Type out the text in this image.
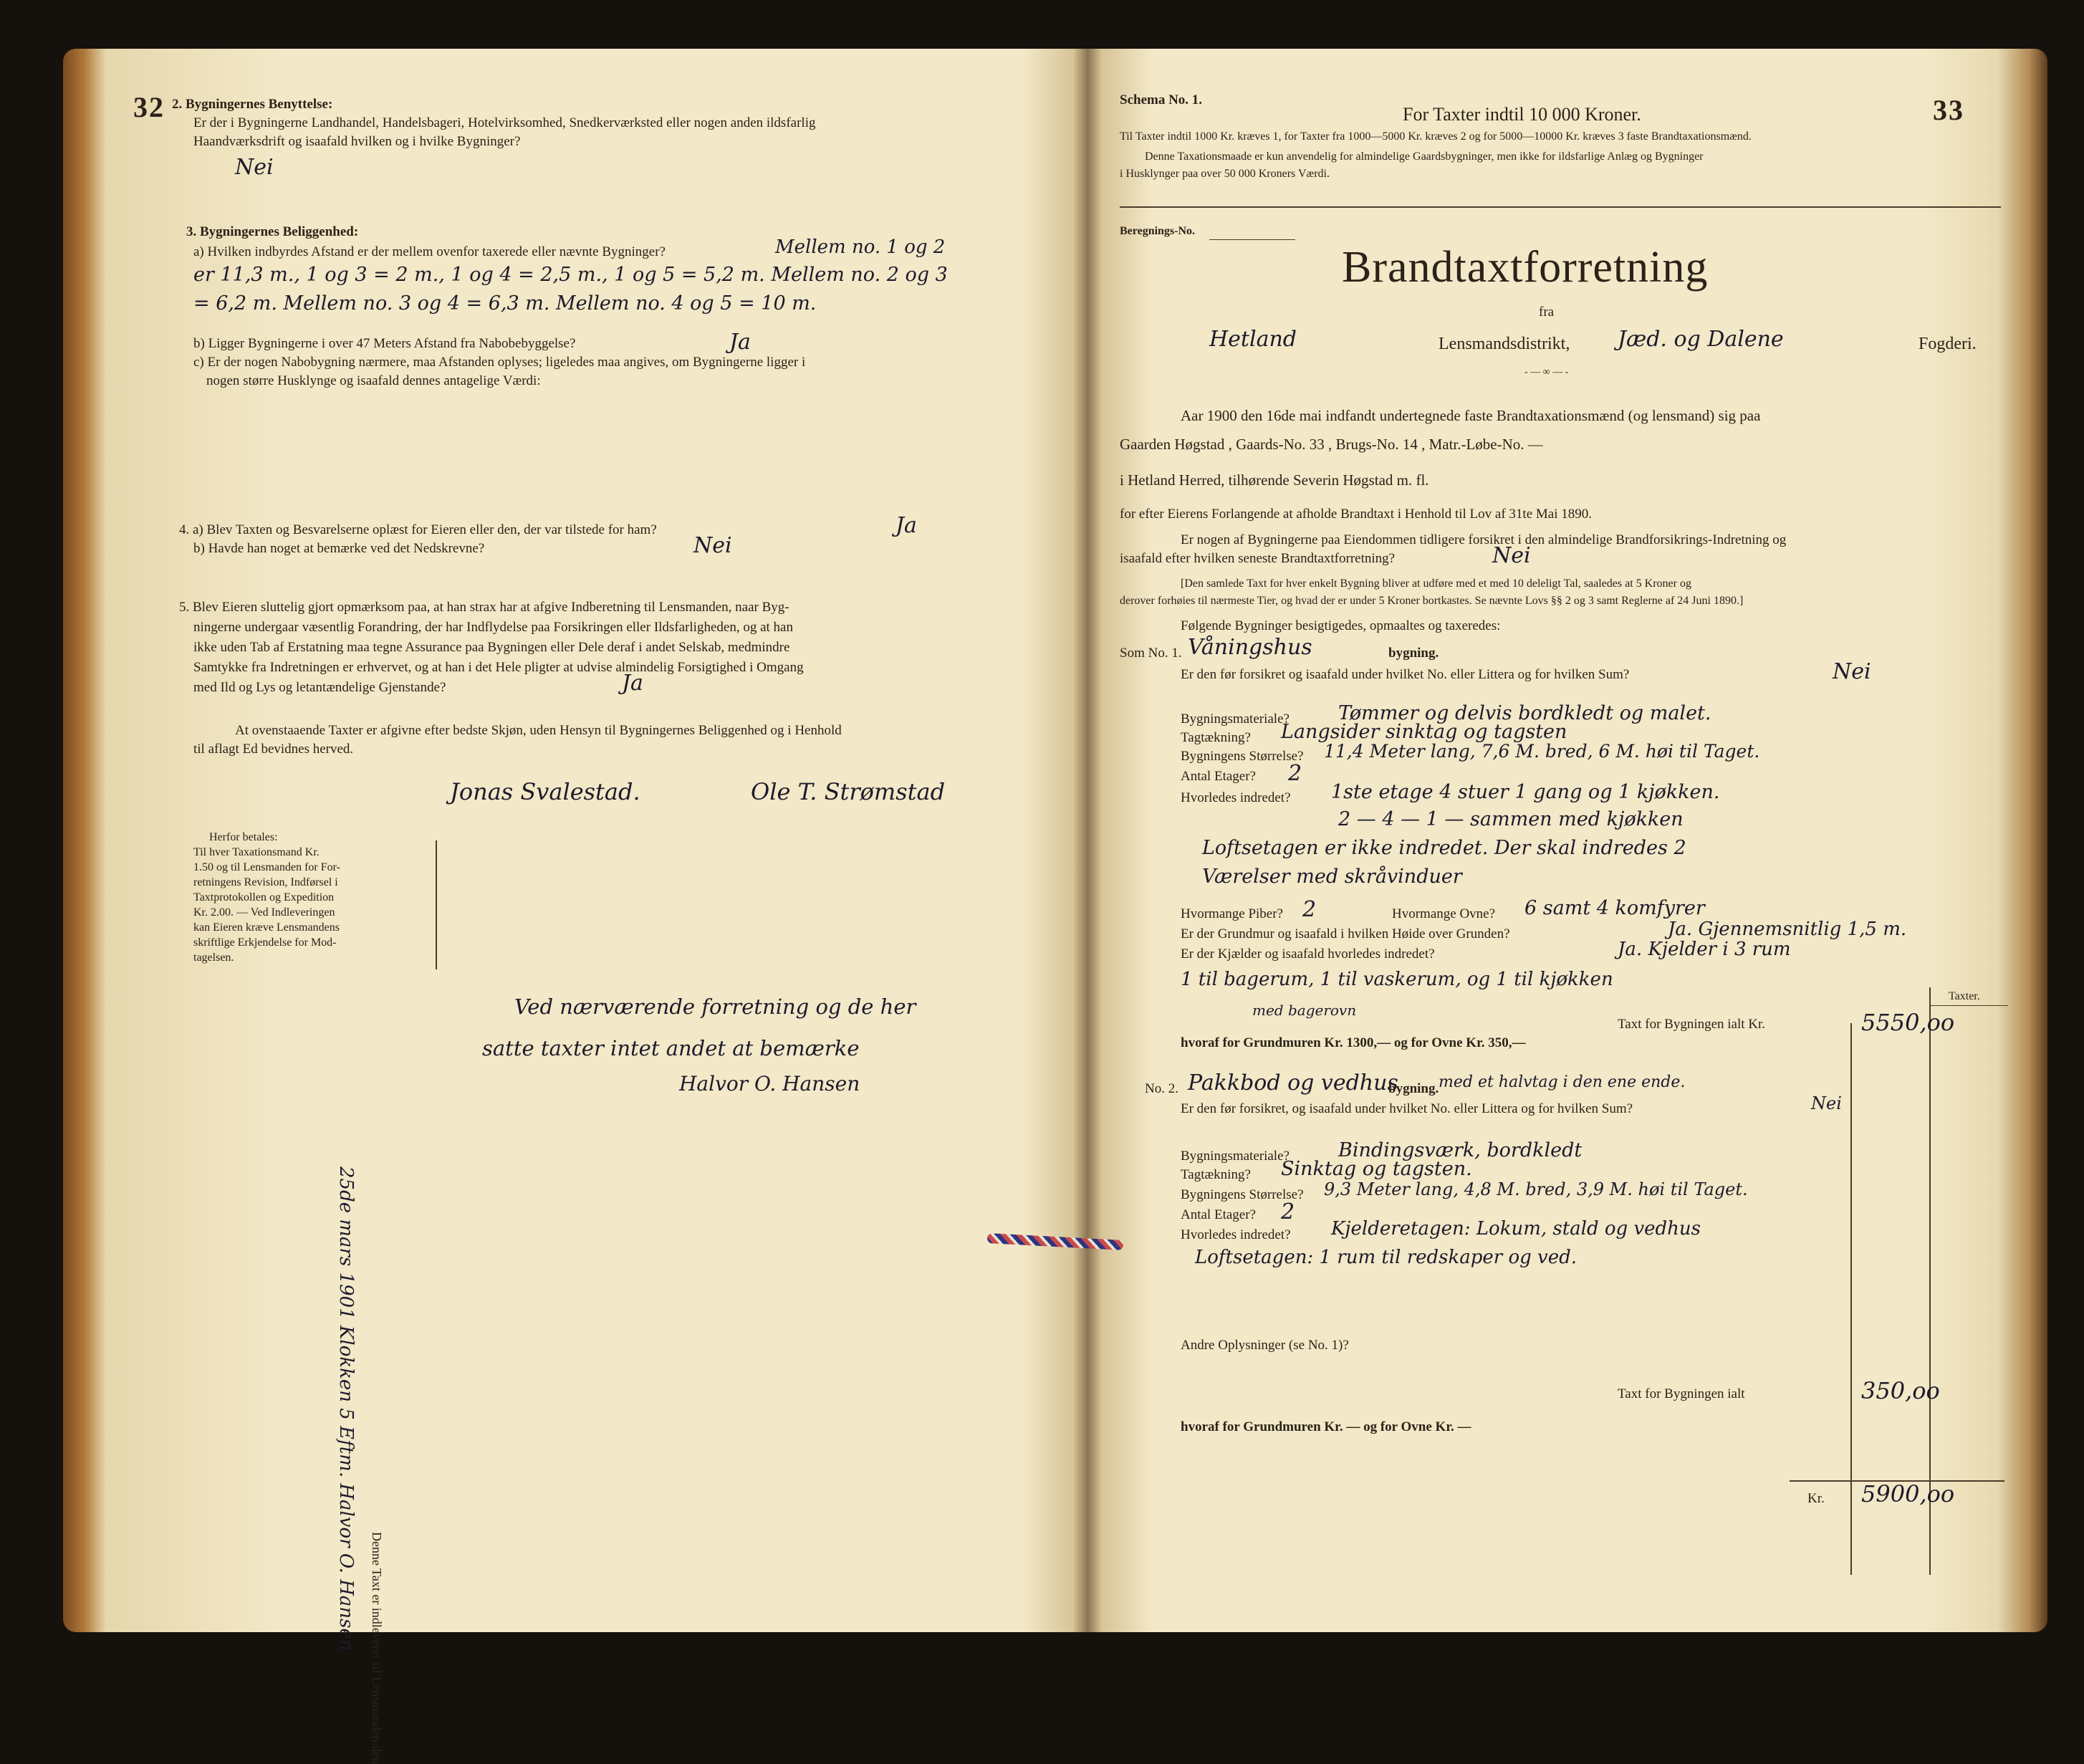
32 2. Bygningernes Benyttelse:
Er der i Bygningerne Landhandel, Handelsbageri, Hotelvirksomhed, Snedkerværksted eller nogen anden ildsfarlig
Haandværksdrift og isaafald hvilken og i hvilke Bygninger?
Nei
3. Bygningernes Beliggenhed:
a) Hvilken indbyrdes Afstand er der mellem ovenfor taxerede eller nævnte Bygninger?	Mellem no. 1 og 2
er 11,3 m., 1 og 3 = 2 m., 1 og 4 = 2,5 m., 1 og 5 = 5,2 m. Mellem no. 2 og 3
= 6,2 m. Mellem no. 3 og 4 = 6,3 m. Mellem no. 4 og 5 = 10 m.
b) Ligger Bygningerne i over 47 Meters Afstand fra Nabobebyggelse?	Ja
c) Er der nogen Nabobygning nærmere, maa Afstanden oplyses; ligeledes maa angives, om Bygningerne ligger i
nogen større Husklynge og isaafald dennes antagelige Værdi:
4. a) Blev Taxten og Besvarelserne oplæst for Eieren eller den, der var tilstede for ham?	Ja
b) Havde han noget at bemærke ved det Nedskrevne?	Nei
5. Blev Eieren sluttelig gjort opmærksom paa, at han strax har at afgive Indberetning til Lensmanden, naar Byg-
ningerne undergaar væsentlig Forandring, der har Indflydelse paa Forsikringen eller Ildsfarligheden, og at han
ikke uden Tab af Erstatning maa tegne Assurance paa Bygningen eller Dele deraf i andet Selskab, medmindre
Samtykke fra Indretningen er erhvervet, og at han i det Hele pligter at udvise almindelig Forsigtighed i Omgang
med Ild og Lys og letantændelige Gjenstande?	Ja
At ovenstaaende Taxter er afgivne efter bedste Skjøn, uden Hensyn til Bygningernes Beliggenhed og i Henhold
til aflagt Ed bevidnes herved.
Jonas Svalestad.	Ole T. Strømstad
Herfor betales:
Til hver Taxationsmand Kr.
1.50 og til Lensmanden for For-
retningens Revision, Indførsel i
Taxtprotokollen og Expedition
Kr. 2.00. — Ved Indleveringen
kan Eieren kræve Lensmandens
skriftlige Erkjendelse for Mod-
tagelsen.
Ved nærværende forretning og de her
satte taxter intet andet at bemærke
Halvor O. Hansen
Denne Taxt er indleveret til Lensmanden den
25de mars 1901 Klokken 5 Eftm. Halvor O. Hansen
Schema No. 1.
For Taxter indtil 10 000 Kroner.	33
Til Taxter indtil 1000 Kr. kræves 1, for Taxter fra 1000—5000 Kr. kræves 2 og for 5000—10000 Kr. kræves 3 faste Brandtaxationsmænd.
Denne Taxationsmaade er kun anvendelig for almindelige Gaardsbygninger, men ikke for ildsfarlige Anlæg og Bygninger
i Husklynger paa over 50 000 Kroners Værdi.
Beregnings-No.
Brandtaxtforretning
fra
Hetland	Lensmandsdistrikt, Jæd. og Dalene	Fogderi.
- — ∞ — -
Aar 1900 den 16de mai indfandt undertegnede faste Brandtaxationsmænd (og lensmand) sig paa
Gaarden Høgstad , Gaards-No. 33 , Brugs-No. 14 , Matr.-Løbe-No. —
i Hetland Herred, tilhørende Severin Høgstad m. fl.
for efter Eierens Forlangende at afholde Brandtaxt i Henhold til Lov af 31te Mai 1890.
Er nogen af Bygningerne paa Eiendommen tidligere forsikret i den almindelige Brandforsikrings-Indretning og
isaafald efter hvilken seneste Brandtaxtforretning?	Nei
[Den samlede Taxt for hver enkelt Bygning bliver at udføre med et med 10 deleligt Tal, saaledes at 5 Kroner og
derover forhøies til nærmeste Tier, og hvad der er under 5 Kroner bortkastes. Se nævnte Lovs §§ 2 og 3 samt Reglerne af 24 Juni 1890.]
Følgende Bygninger besigtigedes, opmaaltes og taxeredes:
Som No. 1. Våningshus	bygning.
Er den før forsikret og isaafald under hvilket No. eller Littera og for hvilken Sum?	Nei
Bygningsmateriale?	Tømmer og delvis bordkledt og malet.
Tagtækning? Langsider sinktag og tagsten
Bygningens Størrelse? 11,4 Meter lang, 7,6 M. bred, 6 M. høi til Taget.
Antal Etager? 2
Hvorledes indredet? 1ste etage 4 stuer 1 gang og 1 kjøkken.
2 — 4 — 1 — sammen med kjøkken
Loftsetagen er ikke indredet. Der skal indredes 2
Værelser med skråvinduer
Hvormange Piber? 2	Hvormange Ovne? 6 samt 4 komfyrer
Er der Grundmur og isaafald i hvilken Høide over Grunden?	Ja. Gjennemsnitlig 1,5 m.
Er der Kjælder og isaafald hvorledes indredet?	Ja. Kjelder i 3 rum
1 til bagerum, 1 til vaskerum, og 1 til kjøkken
med bagerovn
Taxt for Bygningen ialt Kr.
hvoraf for Grundmuren Kr. 1300,— og for Ovne Kr. 350,—
Taxter.
5550,oo
No. 2. Pakkbod og vedhus
bygning. med et halvtag i den ene ende.
Er den før forsikret, og isaafald under hvilket No. eller Littera og for hvilken Sum?	Nei
Bygningsmateriale?	Bindingsværk, bordkledt
Tagtækning? Sinktag og tagsten.
Bygningens Størrelse? 9,3 Meter lang, 4,8 M. bred, 3,9 M. høi til Taget.
Antal Etager? 2
Hvorledes indredet? Kjelderetagen: Lokum, stald og vedhus
Loftsetagen: 1 rum til redskaper og ved.
Andre Oplysninger (se No. 1)?
Taxt for Bygningen ialt	350,oo
hvoraf for Grundmuren Kr. — og for Ovne Kr. —
Kr. 5900,oo
